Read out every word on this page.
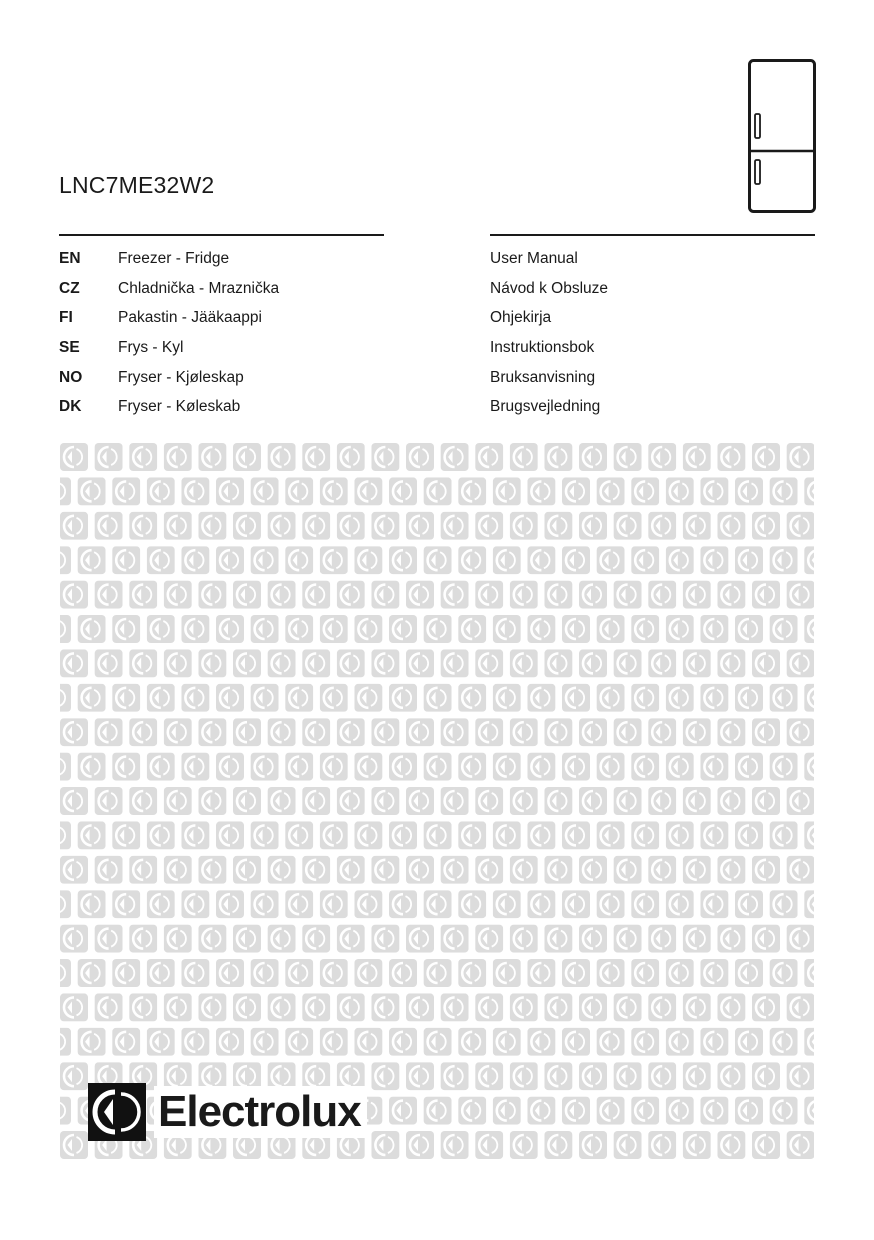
LNC7ME32W2
EN Freezer - Fridge	User Manual
CZ Chladnička - Mraznička	Návod k Obsluze
FI	Pakastin - Jääkaappi	Ohjekirja
SE Frys - Kyl	Instruktionsbok
NO Fryser - Kjøleskap	Bruksanvisning
DK Fryser - Køleskab	Brugsvejledning
Electrolux
